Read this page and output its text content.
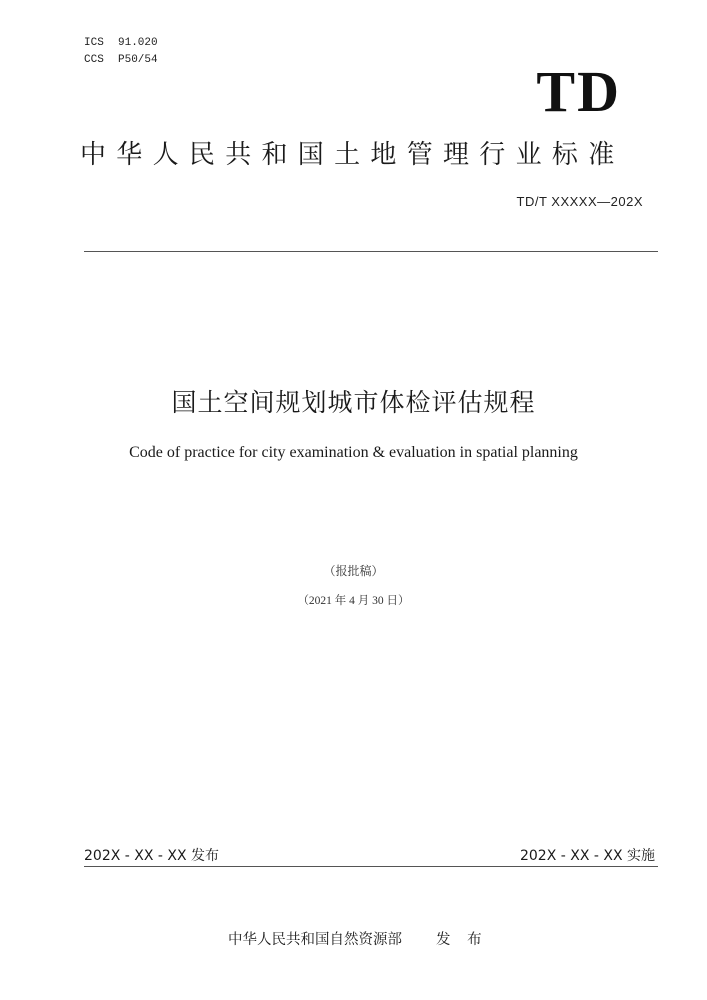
ICS 91.020
CCS P50/54	TD
中华人民共和国土地管理行业标准
TD/T XXXXX—202X
国土空间规划城市体检评估规程
Code of practice for city examination & evaluation in spatial planning
（报批稿）
（2021 年 4 月 30 日）
202X - XX - XX 发布	202X - XX - XX 实施
中华人民共和国自然资源部 发 布
